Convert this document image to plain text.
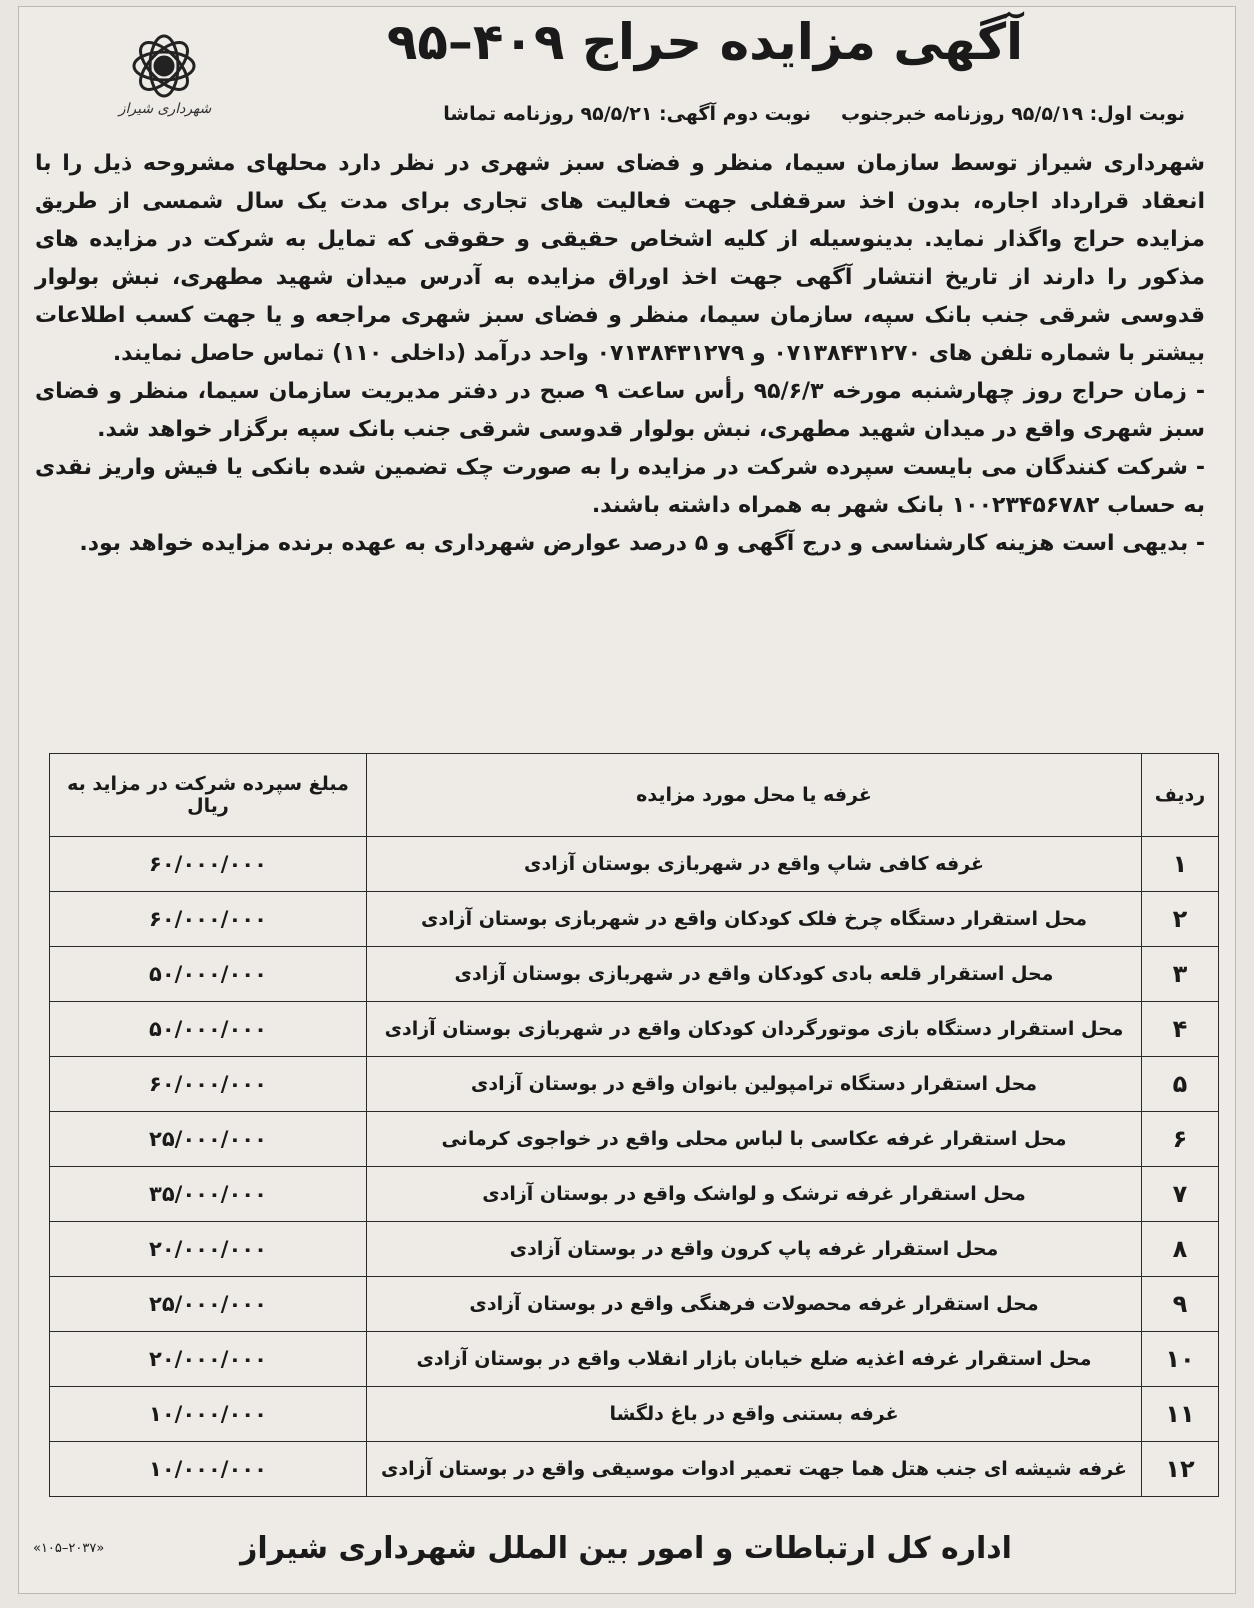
شهرداری شیراز
آگهی مزایده حراج ۴۰۹–۹۵
نوبت اول: ۹۵/۵/۱۹ روزنامه خبرجنوب
نوبت دوم آگهی: ۹۵/۵/۲۱ روزنامه تماشا

شهرداری شیراز توسط سازمان سیما، منظر و فضای سبز شهری در نظر دارد محلهای مشروحه ذیل را با انعقاد قرارداد اجاره، بدون اخذ سرقفلی جهت فعالیت های تجاری برای مدت یک سال شمسی از طریق مزایده حراج واگذار نماید. بدینوسیله از کلیه اشخاص حقیقی و حقوقی که تمایل به شرکت در مزایده های مذکور را دارند از تاریخ انتشار آگهی جهت اخذ اوراق مزایده به آدرس میدان شهید مطهری، نبش بولوار قدوسی شرقی جنب بانک سپه، سازمان سیما، منظر و فضای سبز شهری مراجعه و یا جهت کسب اطلاعات بیشتر با شماره تلفن های ۰۷۱۳۸۴۳۱۲۷۰ و ۰۷۱۳۸۴۳۱۲۷۹ واحد درآمد (داخلی ۱۱۰) تماس حاصل نمایند.

- زمان حراج روز چهارشنبه مورخه ۹۵/۶/۳ رأس ساعت ۹ صبح در دفتر مدیریت سازمان سیما، منظر و فضای سبز شهری واقع در میدان شهید مطهری، نبش بولوار قدوسی شرقی جنب بانک سپه برگزار خواهد شد.

- شرکت کنندگان می بایست سپرده شرکت در مزایده را به صورت چک تضمین شده بانکی یا فیش واریز نقدی به حساب ۱۰۰۲۳۴۵۶۷۸۲ بانک شهر به همراه داشته باشند.

- بدیهی است هزینه کارشناسی و درج آگهی و ۵ درصد عوارض شهرداری به عهده برنده مزایده خواهد بود.

ردیف	غرفه یا محل مورد مزایده	مبلغ سپرده شرکت در مزاید به ریال
۱	غرفه کافی شاپ واقع در شهربازی بوستان آزادی	۶۰/۰۰۰/۰۰۰
۲	محل استقرار دستگاه چرخ فلک کودکان واقع در شهربازی بوستان آزادی	۶۰/۰۰۰/۰۰۰
۳	محل استقرار قلعه بادی کودکان واقع در شهربازی بوستان آزادی	۵۰/۰۰۰/۰۰۰
۴	محل استقرار دستگاه بازی موتورگردان کودکان واقع در شهربازی بوستان آزادی	۵۰/۰۰۰/۰۰۰
۵	محل استقرار دستگاه ترامپولین بانوان واقع در بوستان آزادی	۶۰/۰۰۰/۰۰۰
۶	محل استقرار غرفه عکاسی با لباس محلی واقع در خواجوی کرمانی	۲۵/۰۰۰/۰۰۰
۷	محل استقرار غرفه ترشک و لواشک واقع در بوستان آزادی	۳۵/۰۰۰/۰۰۰
۸	محل استقرار غرفه پاپ کرون واقع در بوستان آزادی	۲۰/۰۰۰/۰۰۰
۹	محل استقرار غرفه محصولات فرهنگی واقع در بوستان آزادی	۲۵/۰۰۰/۰۰۰
۱۰	محل استقرار غرفه اغذیه ضلع خیابان بازار انقلاب واقع در بوستان آزادی	۲۰/۰۰۰/۰۰۰
۱۱	غرفه بستنی واقع در باغ دلگشا	۱۰/۰۰۰/۰۰۰
۱۲	غرفه شیشه ای جنب هتل هما جهت تعمیر ادوات موسیقی واقع در بوستان آزادی	۱۰/۰۰۰/۰۰۰
اداره کل ارتباطات و امور بین الملل شهرداری شیراز
«۱۰۵–۲۰۳۷»
